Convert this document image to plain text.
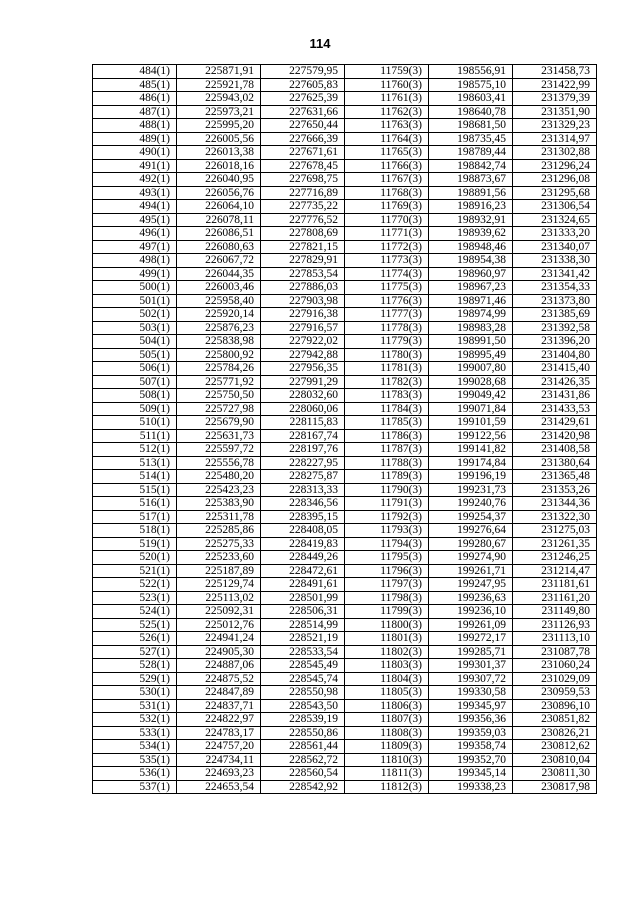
114
484(1)	225871,91	227579,95	11759(3)	198556,91	231458,73
485(1)	225921,78	227605,83	11760(3)	198575,10	231422,99
486(1)	225943,02	227625,39	11761(3)	198603,41	231379,39
487(1)	225973,21	227631,66	11762(3)	198640,78	231351,90
488(1)	225995,20	227650,44	11763(3)	198681,50	231329,23
489(1)	226005,56	227666,39	11764(3)	198735,45	231314,97
490(1)	226013,38	227671,61	11765(3)	198789,44	231302,88
491(1)	226018,16	227678,45	11766(3)	198842,74	231296,24
492(1)	226040,95	227698,75	11767(3)	198873,67	231296,08
493(1)	226056,76	227716,89	11768(3)	198891,56	231295,68
494(1)	226064,10	227735,22	11769(3)	198916,23	231306,54
495(1)	226078,11	227776,52	11770(3)	198932,91	231324,65
496(1)	226086,51	227808,69	11771(3)	198939,62	231333,20
497(1)	226080,63	227821,15	11772(3)	198948,46	231340,07
498(1)	226067,72	227829,91	11773(3)	198954,38	231338,30
499(1)	226044,35	227853,54	11774(3)	198960,97	231341,42
500(1)	226003,46	227886,03	11775(3)	198967,23	231354,33
501(1)	225958,40	227903,98	11776(3)	198971,46	231373,80
502(1)	225920,14	227916,38	11777(3)	198974,99	231385,69
503(1)	225876,23	227916,57	11778(3)	198983,28	231392,58
504(1)	225838,98	227922,02	11779(3)	198991,50	231396,20
505(1)	225800,92	227942,88	11780(3)	198995,49	231404,80
506(1)	225784,26	227956,35	11781(3)	199007,80	231415,40
507(1)	225771,92	227991,29	11782(3)	199028,68	231426,35
508(1)	225750,50	228032,60	11783(3)	199049,42	231431,86
509(1)	225727,98	228060,06	11784(3)	199071,84	231433,53
510(1)	225679,90	228115,83	11785(3)	199101,59	231429,61
511(1)	225631,73	228167,74	11786(3)	199122,56	231420,98
512(1)	225597,72	228197,76	11787(3)	199141,82	231408,58
513(1)	225556,78	228227,95	11788(3)	199174,84	231380,64
514(1)	225480,20	228275,87	11789(3)	199196,19	231365,48
515(1)	225423,23	228313,33	11790(3)	199231,73	231353,26
516(1)	225383,90	228346,56	11791(3)	199240,76	231344,36
517(1)	225311,78	228395,15	11792(3)	199254,37	231322,30
518(1)	225285,86	228408,05	11793(3)	199276,64	231275,03
519(1)	225275,33	228419,83	11794(3)	199280,67	231261,35
520(1)	225233,60	228449,26	11795(3)	199274,90	231246,25
521(1)	225187,89	228472,61	11796(3)	199261,71	231214,47
522(1)	225129,74	228491,61	11797(3)	199247,95	231181,61
523(1)	225113,02	228501,99	11798(3)	199236,63	231161,20
524(1)	225092,31	228506,31	11799(3)	199236,10	231149,80
525(1)	225012,76	228514,99	11800(3)	199261,09	231126,93
526(1)	224941,24	228521,19	11801(3)	199272,17	231113,10
527(1)	224905,30	228533,54	11802(3)	199285,71	231087,78
528(1)	224887,06	228545,49	11803(3)	199301,37	231060,24
529(1)	224875,52	228545,74	11804(3)	199307,72	231029,09
530(1)	224847,89	228550,98	11805(3)	199330,58	230959,53
531(1)	224837,71	228543,50	11806(3)	199345,97	230896,10
532(1)	224822,97	228539,19	11807(3)	199356,36	230851,82
533(1)	224783,17	228550,86	11808(3)	199359,03	230826,21
534(1)	224757,20	228561,44	11809(3)	199358,74	230812,62
535(1)	224734,11	228562,72	11810(3)	199352,70	230810,04
536(1)	224693,23	228560,54	11811(3)	199345,14	230811,30
537(1)	224653,54	228542,92	11812(3)	199338,23	230817,98
